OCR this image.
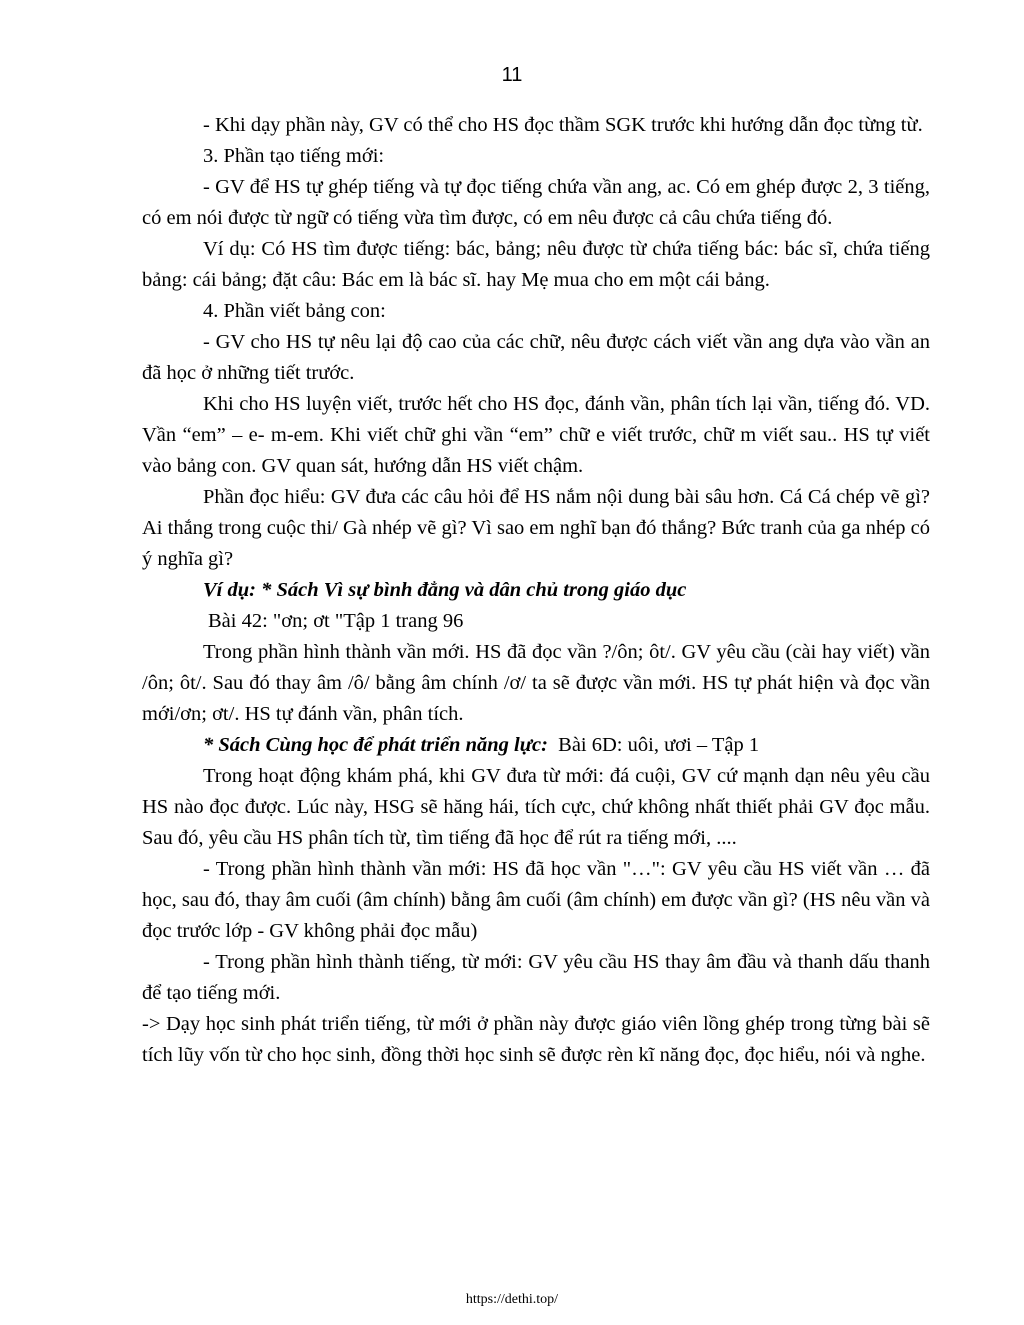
11

- Khi dạy phần này, GV có thể cho HS đọc thầm SGK trước khi hướng dẫn đọc từng từ.

3. Phần tạo tiếng mới:

- GV để HS tự ghép tiếng và tự đọc tiếng chứa vần ang, ac. Có em ghép được 2, 3 tiếng, có em nói được từ ngữ có tiếng vừa tìm được, có em nêu được cả câu chứa tiếng đó.

Ví dụ: Có HS tìm được tiếng: bác, bảng; nêu được từ chứa tiếng bác: bác sĩ, chứa tiếng bảng: cái bảng; đặt câu: Bác em là bác sĩ. hay Mẹ mua cho em một cái bảng.

4. Phần viết bảng con:

- GV cho HS tự nêu lại độ cao của các chữ, nêu được cách viết vần ang dựa vào vần an đã học ở những tiết trước.

Khi cho HS luyện viết, trước hết cho HS đọc, đánh vần, phân tích lại vần, tiếng đó. VD. Vần “em” – e- m-em. Khi viết chữ ghi vần “em” chữ e viết trước, chữ m viết sau.. HS tự viết vào bảng con. GV quan sát, hướng dẫn HS viết chậm.

Phần đọc hiểu: GV đưa các câu hỏi để HS nắm nội dung bài sâu hơn. Cá Cá chép vẽ gì? Ai thắng trong cuộc thi/ Gà nhép vẽ gì? Vì sao em nghĩ bạn đó thắng? Bức tranh của ga nhép có ý nghĩa gì?

Ví dụ: * Sách Vì sự bình đẳng và dân chủ trong giáo dục

Bài 42: "ơn; ơt "Tập 1 trang 96

Trong phần hình thành vần mới. HS đã đọc vần ?/ôn; ôt/. GV yêu cầu (cài hay viết) vần /ôn; ôt/. Sau đó thay âm /ô/ bằng âm chính /ơ/ ta sẽ được vần mới. HS tự phát hiện và đọc vần mới/ơn; ơt/. HS tự đánh vần, phân tích.

* Sách Cùng học để phát triển năng lực: Bài 6D: uôi, ươi – Tập 1

Trong hoạt động khám phá, khi GV đưa từ mới: đá cuội, GV cứ mạnh dạn nêu yêu cầu HS nào đọc được. Lúc này, HSG sẽ hăng hái, tích cực, chứ không nhất thiết phải GV đọc mẫu. Sau đó, yêu cầu HS phân tích từ, tìm tiếng đã học để rút ra tiếng mới, ....

- Trong phần hình thành vần mới: HS đã học vần "…": GV yêu cầu HS viết vần … đã học, sau đó, thay âm cuối (âm chính) bằng âm cuối (âm chính) em được vần gì? (HS nêu vần và đọc trước lớp - GV không phải đọc mẫu)

- Trong phần hình thành tiếng, từ mới: GV yêu cầu HS thay âm đầu và thanh dấu thanh để tạo tiếng mới.

-> Dạy học sinh phát triển tiếng, từ mới ở phần này được giáo viên lồng ghép trong từng bài sẽ tích lũy vốn từ cho học sinh, đồng thời học sinh sẽ được rèn kĩ năng đọc, đọc hiểu, nói và nghe.

https://dethi.top/
